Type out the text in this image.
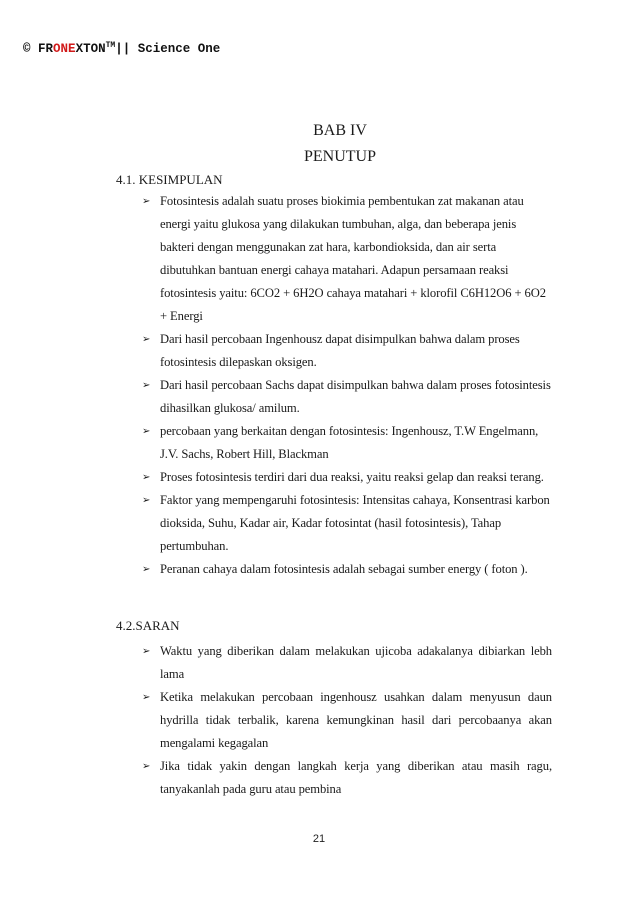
© FRONEXTON™|| Science One
BAB IV
PENUTUP
4.1. KESIMPULAN
➢ Fotosintesis adalah suatu proses biokimia pembentukan zat makanan atau energi yaitu glukosa yang dilakukan tumbuhan, alga, dan beberapa jenis bakteri dengan menggunakan zat hara, karbondioksida, dan air serta dibutuhkan bantuan energi cahaya matahari. Adapun persamaan reaksi fotosintesis yaitu: 6CO2 + 6H2O cahaya matahari + klorofil C6H12O6 + 6O2 + Energi
➢ Dari hasil percobaan Ingenhousz dapat disimpulkan bahwa dalam proses fotosintesis dilepaskan oksigen.
➢ Dari hasil percobaan Sachs dapat disimpulkan bahwa dalam proses fotosintesis dihasilkan glukosa/ amilum.
➢ percobaan yang berkaitan dengan fotosintesis: Ingenhousz, T.W Engelmann, J.V. Sachs, Robert Hill, Blackman
➢ Proses fotosintesis terdiri dari dua reaksi, yaitu reaksi gelap dan reaksi terang.
➢ Faktor yang mempengaruhi fotosintesis: Intensitas cahaya, Konsentrasi karbon dioksida, Suhu, Kadar air, Kadar fotosintat (hasil fotosintesis), Tahap pertumbuhan.
➢ Peranan cahaya dalam fotosintesis adalah sebagai sumber energy ( foton ).
4.2.SARAN
➢ Waktu yang diberikan dalam melakukan ujicoba adakalanya dibiarkan lebh lama
➢ Ketika melakukan percobaan ingenhousz usahkan dalam menyusun daun hydrilla tidak terbalik, karena kemungkinan hasil dari percobaanya akan mengalami kegagalan
➢ Jika tidak yakin dengan langkah kerja yang diberikan atau masih ragu, tanyakanlah pada guru atau pembina
21
